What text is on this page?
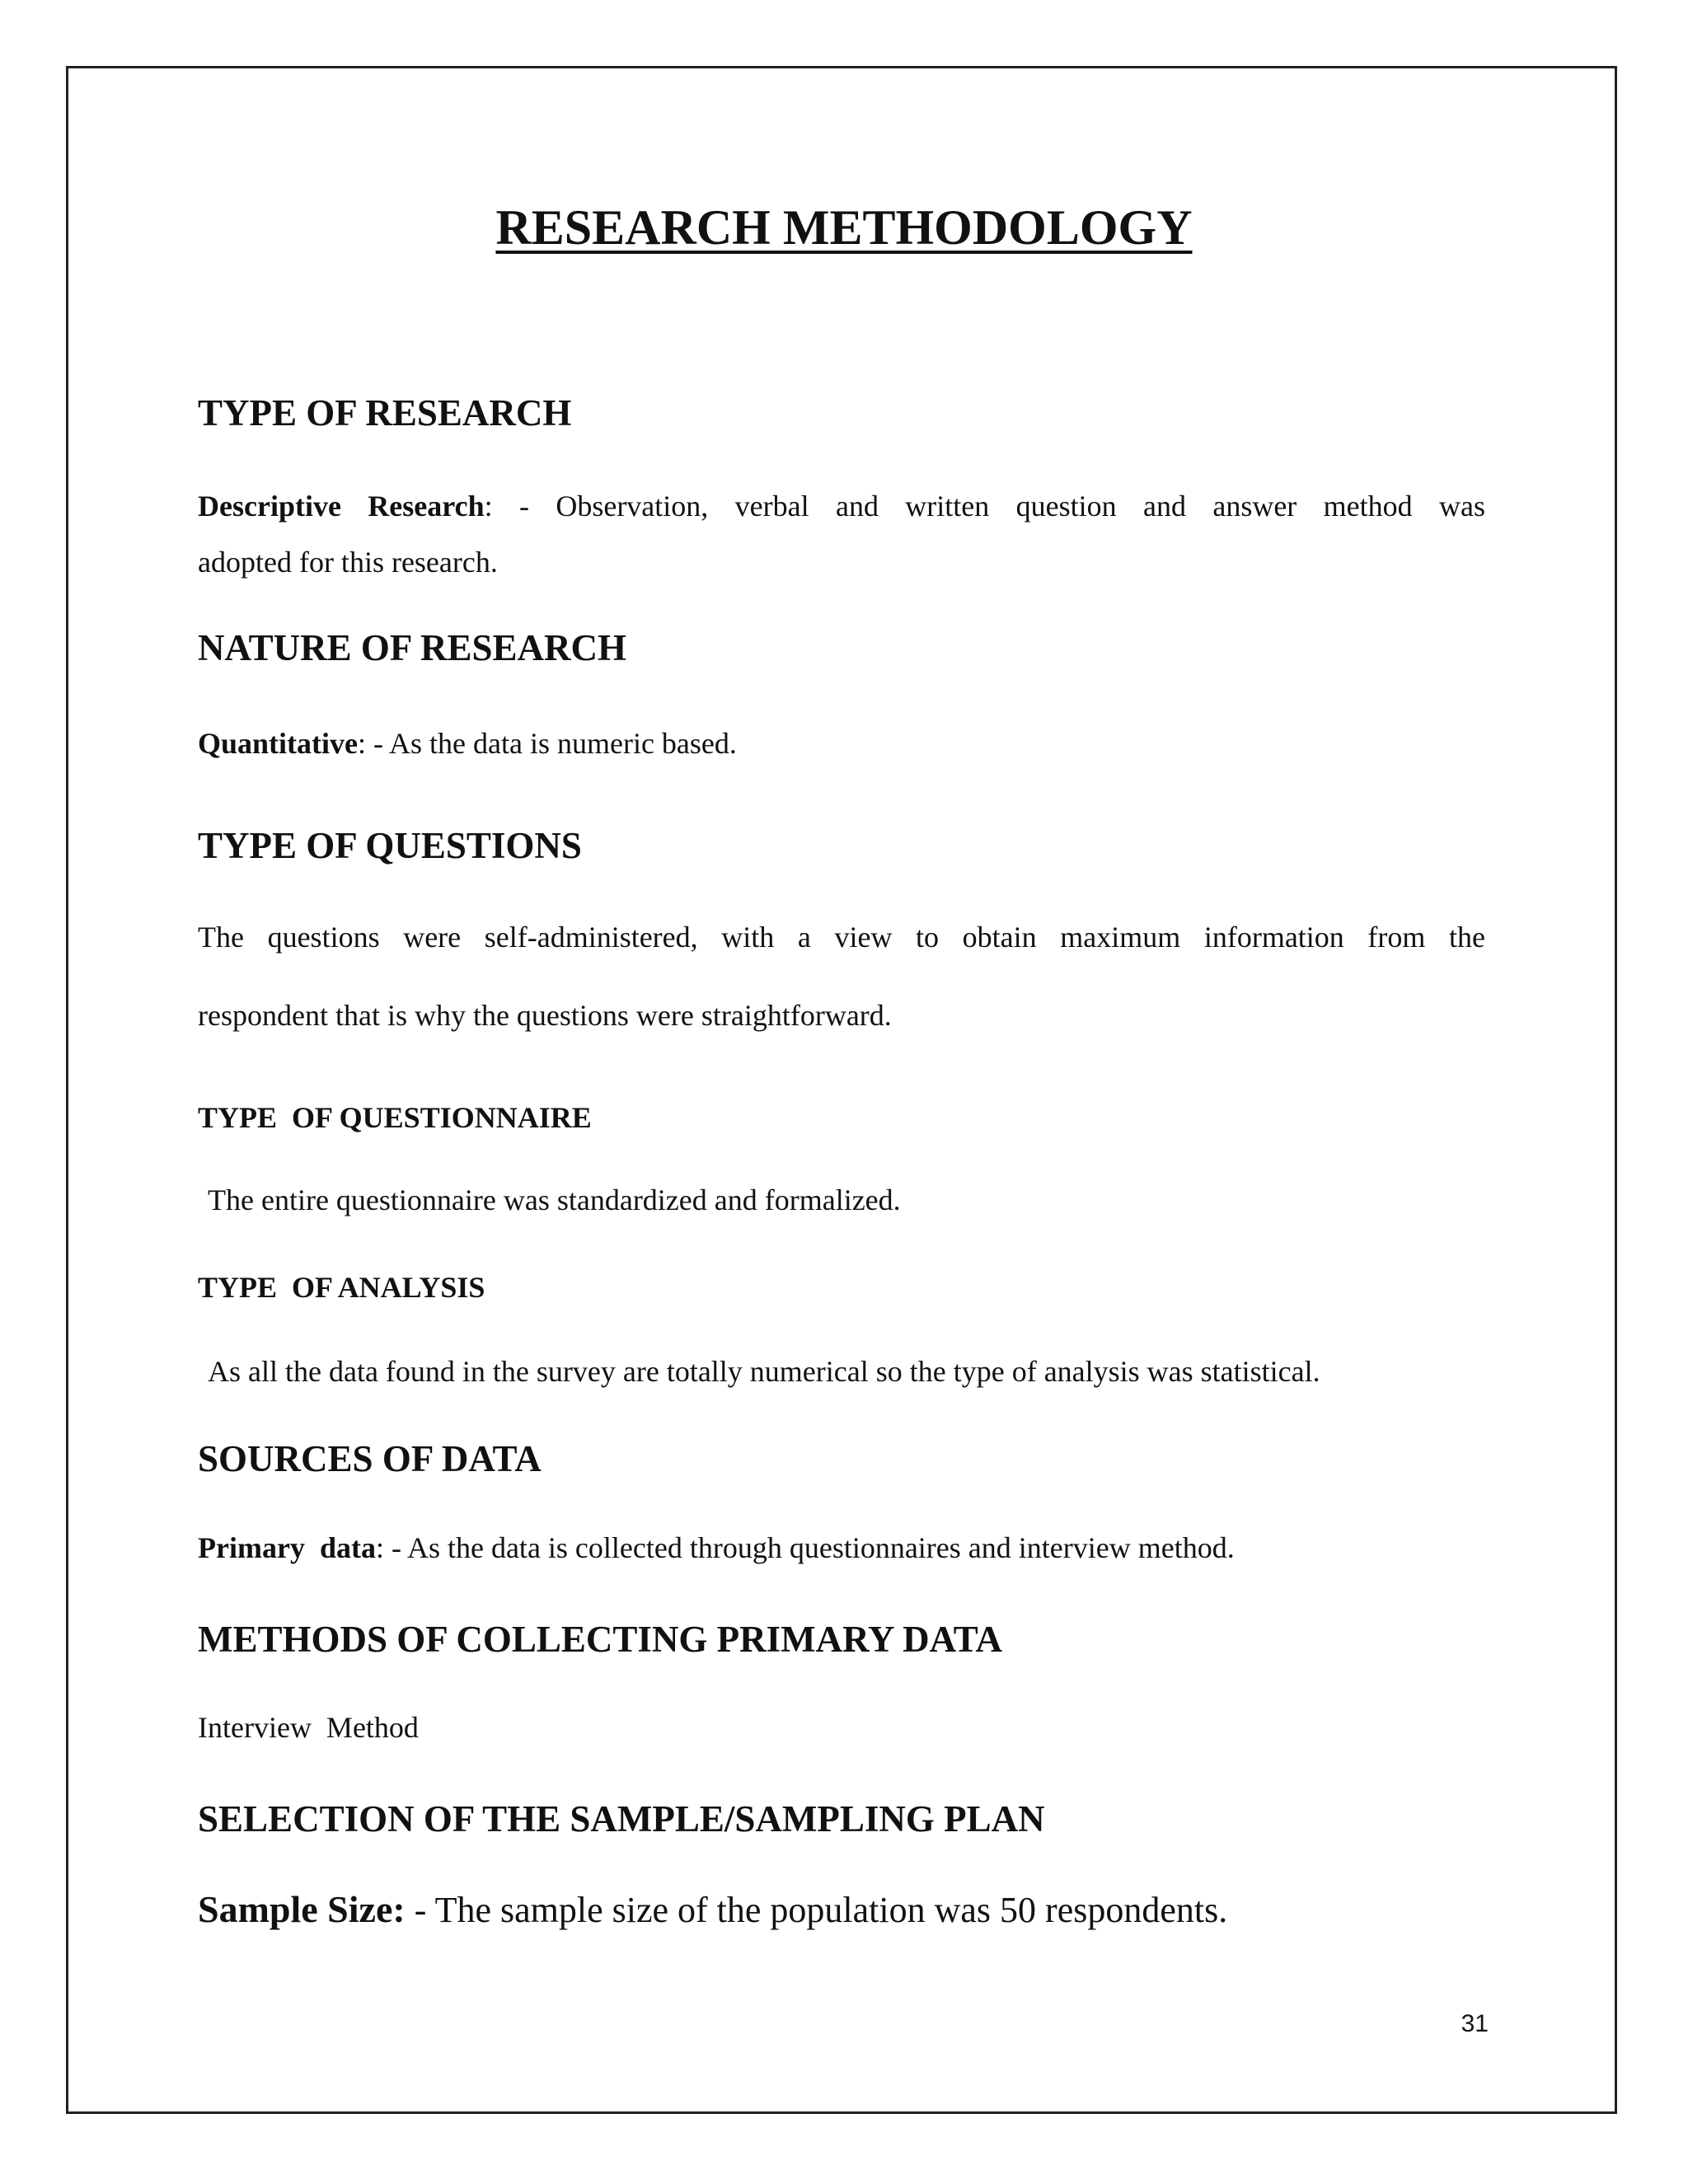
RESEARCH METHODOLOGY
TYPE OF RESEARCH

Descriptive Research: - Observation, verbal and written question and answer method was

adopted for this research.

NATURE OF RESEARCH

Quantitative: - As the data is numeric based.

TYPE OF QUESTIONS

The questions were self-administered, with a view to obtain maximum information from the

respondent that is why the questions were straightforward.

TYPE  OF QUESTIONNAIRE

The entire questionnaire was standardized and formalized.

TYPE  OF ANALYSIS

As all the data found in the survey are totally numerical so the type of analysis was statistical.

SOURCES OF DATA

Primary  data: - As the data is collected through questionnaires and interview method.

METHODS OF COLLECTING PRIMARY DATA

Interview  Method

SELECTION OF THE SAMPLE/SAMPLING PLAN

Sample Size: - The sample size of the population was 50 respondents.

31
